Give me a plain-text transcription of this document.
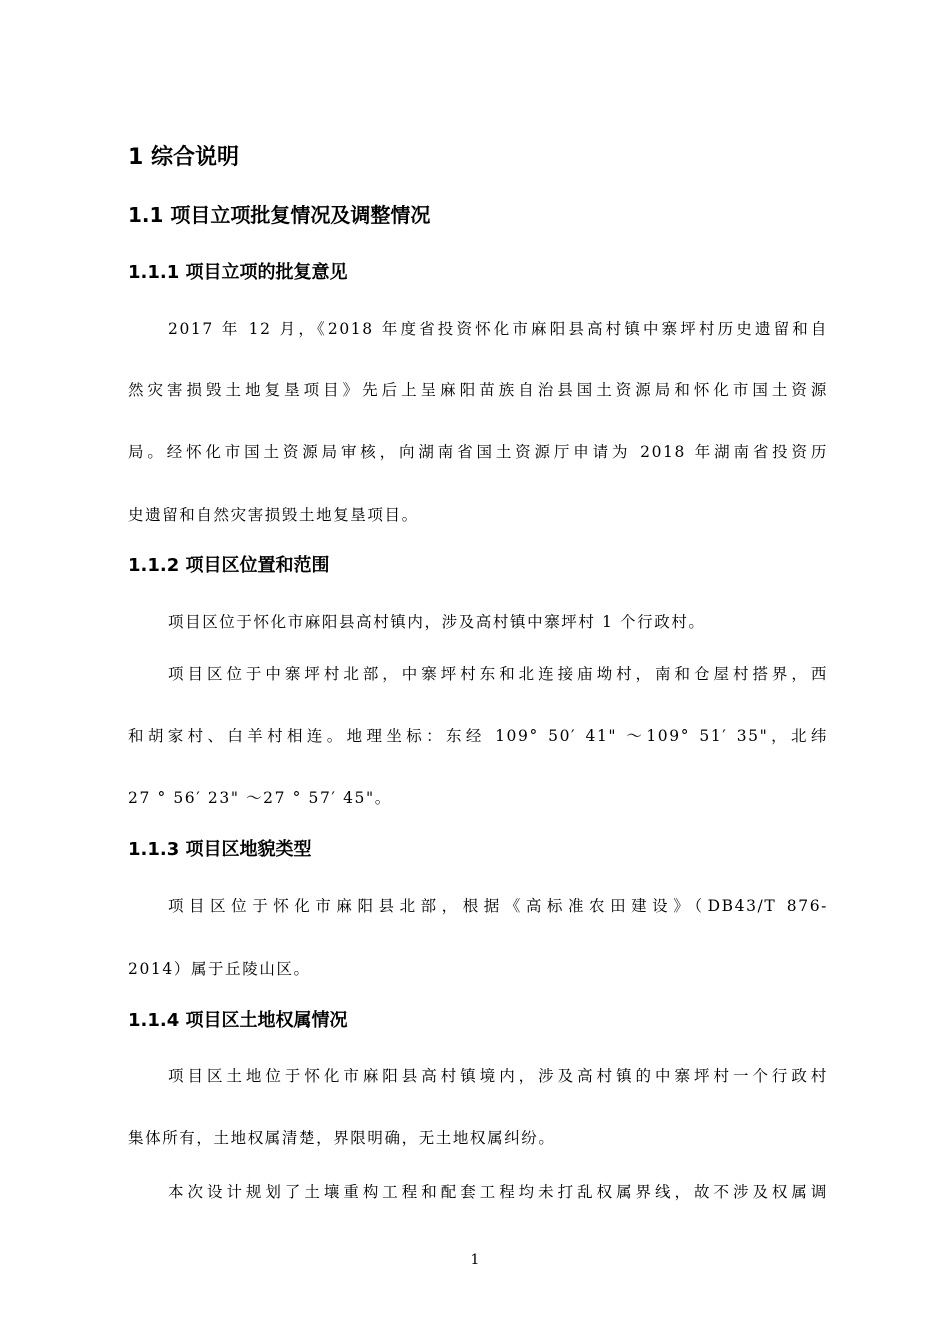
1 综合说明
1.1 项目立项批复情况及调整情况
1.1.1 项目立项的批复意见
2017 年 12 月，《2018 年度省投资怀化市麻阳县高村镇中寨坪村历史遗留和自
然灾害损毁土地复垦项目》先后上呈麻阳苗族自治县国土资源局和怀化市国土资源
局。经怀化市国土资源局审核，向湖南省国土资源厅申请为 2018 年湖南省投资历
史遗留和自然灾害损毁土地复垦项目。
1.1.2 项目区位置和范围
项目区位于怀化市麻阳县高村镇内，涉及高村镇中寨坪村 1 个行政村。
项目区位于中寨坪村北部，中寨坪村东和北连接庙坳村，南和仓屋村搭界，西
和胡家村、白羊村相连。地理坐标：东经 109° 50′ 41" ～109° 51′ 35"，北纬
27 ° 56′ 23" ～27 ° 57′ 45"。
1.1.3 项目区地貌类型
项目区位于怀化市麻阳县北部，根据《高标准农田建设》（DB43/T 876-
2014）属于丘陵山区。
1.1.4 项目区土地权属情况
项目区土地位于怀化市麻阳县高村镇境内，涉及高村镇的中寨坪村一个行政村
集体所有，土地权属清楚，界限明确，无土地权属纠纷。
本次设计规划了土壤重构工程和配套工程均未打乱权属界线，故不涉及权属调
1
